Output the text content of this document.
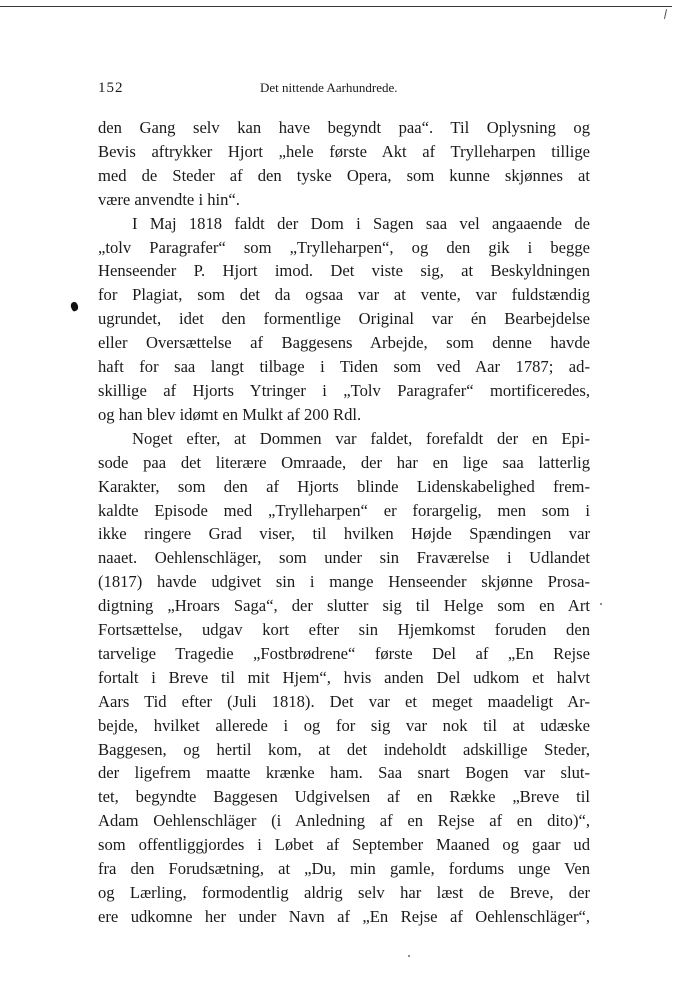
152	Det nittende Aarhundrede.
den Gang selv kan have begyndt paa“. Til Oplysning og
Bevis aftrykker Hjort „hele første Akt af Trylleharpen tillige
med de Steder af den tyske Opera, som kunne skjønnes at
være anvendte i hin“.
I Maj 1818 faldt der Dom i Sagen saa vel angaaende de
„tolv Paragrafer“ som „Trylleharpen“, og den gik i begge
Henseender P. Hjort imod. Det viste sig, at Beskyldningen
for Plagiat, som det da ogsaa var at vente, var fuldstændig
ugrundet, idet den formentlige Original var én Bearbejdelse
eller Oversættelse af Baggesens Arbejde, som denne havde
haft for saa langt tilbage i Tiden som ved Aar 1787; ad-
skillige af Hjorts Ytringer i „Tolv Paragrafer“ mortificeredes,
og han blev idømt en Mulkt af 200 Rdl.
Noget efter, at Dommen var faldet, forefaldt der en Epi-
sode paa det literære Omraade, der har en lige saa latterlig
Karakter, som den af Hjorts blinde Lidenskabelighed frem-
kaldte Episode med „Trylleharpen“ er forargelig, men som i
ikke ringere Grad viser, til hvilken Højde Spændingen var
naaet. Oehlenschläger, som under sin Fraværelse i Udlandet
(1817) havde udgivet sin i mange Henseender skjønne Prosa-
digtning „Hroars Saga“, der slutter sig til Helge som en Art
Fortsættelse, udgav kort efter sin Hjemkomst foruden den
tarvelige Tragedie „Fostbrødrene“ første Del af „En Rejse
fortalt i Breve til mit Hjem“, hvis anden Del udkom et halvt
Aars Tid efter (Juli 1818). Det var et meget maadeligt Ar-
bejde, hvilket allerede i og for sig var nok til at udæske
Baggesen, og hertil kom, at det indeholdt adskillige Steder,
der ligefrem maatte krænke ham. Saa snart Bogen var slut-
tet, begyndte Baggesen Udgivelsen af en Række „Breve til
Adam Oehlenschläger (i Anledning af en Rejse af en dito)“,
som offentliggjordes i Løbet af September Maaned og gaar ud
fra den Forudsætning, at „Du, min gamle, fordums unge Ven
og Lærling, formodentlig aldrig selv har læst de Breve, der
ere udkomne her under Navn af „En Rejse af Oehlenschläger“,
